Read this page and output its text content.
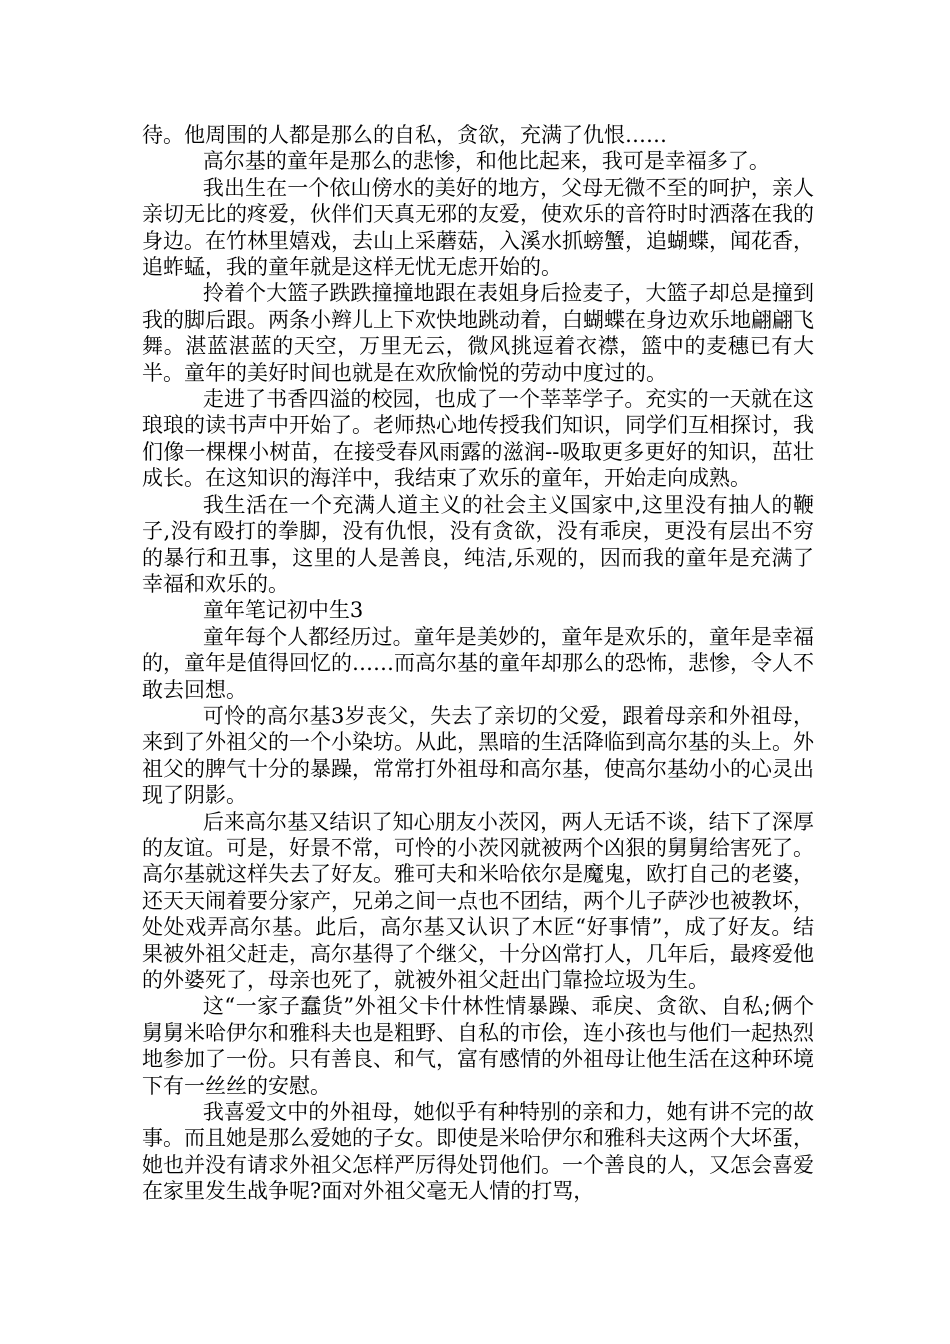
待。他周围的人都是那么的自私，贪欲，充满了仇恨……

高尔基的童年是那么的悲惨，和他比起来，我可是幸福多了。

我出生在一个依山傍水的美好的地方，父母无微不至的呵护，亲人亲切无比的疼爱，伙伴们天真无邪的友爱，使欢乐的音符时时洒落在我的身边。在竹林里嬉戏，去山上采蘑菇，入溪水抓螃蟹，追蝴蝶，闻花香，追蚱蜢，我的童年就是这样无忧无虑开始的。

拎着个大篮子跌跌撞撞地跟在表姐身后捡麦子，大篮子却总是撞到我的脚后跟。两条小辫儿上下欢快地跳动着，白蝴蝶在身边欢乐地翩翩飞舞。湛蓝湛蓝的天空，万里无云，微风挑逗着衣襟，篮中的麦穗已有大半。童年的美好时间也就是在欢欣愉悦的劳动中度过的。

走进了书香四溢的校园，也成了一个莘莘学子。充实的一天就在这琅琅的读书声中开始了。老师热心地传授我们知识，同学们互相探讨，我们像一棵棵小树苗，在接受春风雨露的滋润--吸取更多更好的知识，茁壮成长。在这知识的海洋中，我结束了欢乐的童年，开始走向成熟。

我生活在一个充满人道主义的社会主义国家中,这里没有抽人的鞭子,没有殴打的拳脚，没有仇恨，没有贪欲，没有乖戾，更没有层出不穷的暴行和丑事，这里的人是善良，纯洁,乐观的，因而我的童年是充满了幸福和欢乐的。

童年笔记初中生3

童年每个人都经历过。童年是美妙的，童年是欢乐的，童年是幸福的，童年是值得回忆的……而高尔基的童年却那么的恐怖，悲惨，令人不敢去回想。

可怜的高尔基3岁丧父，失去了亲切的父爱，跟着母亲和外祖母，来到了外祖父的一个小染坊。从此，黑暗的生活降临到高尔基的头上。外祖父的脾气十分的暴躁，常常打外祖母和高尔基，使高尔基幼小的心灵出现了阴影。

后来高尔基又结识了知心朋友小茨冈，两人无话不谈，结下了深厚的友谊。可是，好景不常，可怜的小茨冈就被两个凶狠的舅舅给害死了。高尔基就这样失去了好友。雅可夫和米哈依尔是魔鬼，欧打自己的老婆，还天天闹着要分家产，兄弟之间一点也不团结，两个儿子萨沙也被教坏，处处戏弄高尔基。此后，高尔基又认识了木匠“好事情”，成了好友。结果被外祖父赶走，高尔基得了个继父，十分凶常打人，几年后，最疼爱他的外婆死了，母亲也死了，就被外祖父赶出门靠捡垃圾为生。

这“一家子蠢货”外祖父卡什林性情暴躁、乖戾、贪欲、自私;俩个舅舅米哈伊尔和雅科夫也是粗野、自私的市侩，连小孩也与他们一起热烈地参加了一份。只有善良、和气，富有感情的外祖母让他生活在这种环境下有一丝丝的安慰。

我喜爱文中的外祖母，她似乎有种特别的亲和力，她有讲不完的故事。而且她是那么爱她的子女。即使是米哈伊尔和雅科夫这两个大坏蛋，她也并没有请求外祖父怎样严厉得处罚他们。一个善良的人，又怎会喜爱在家里发生战争呢?面对外祖父毫无人情的打骂，
